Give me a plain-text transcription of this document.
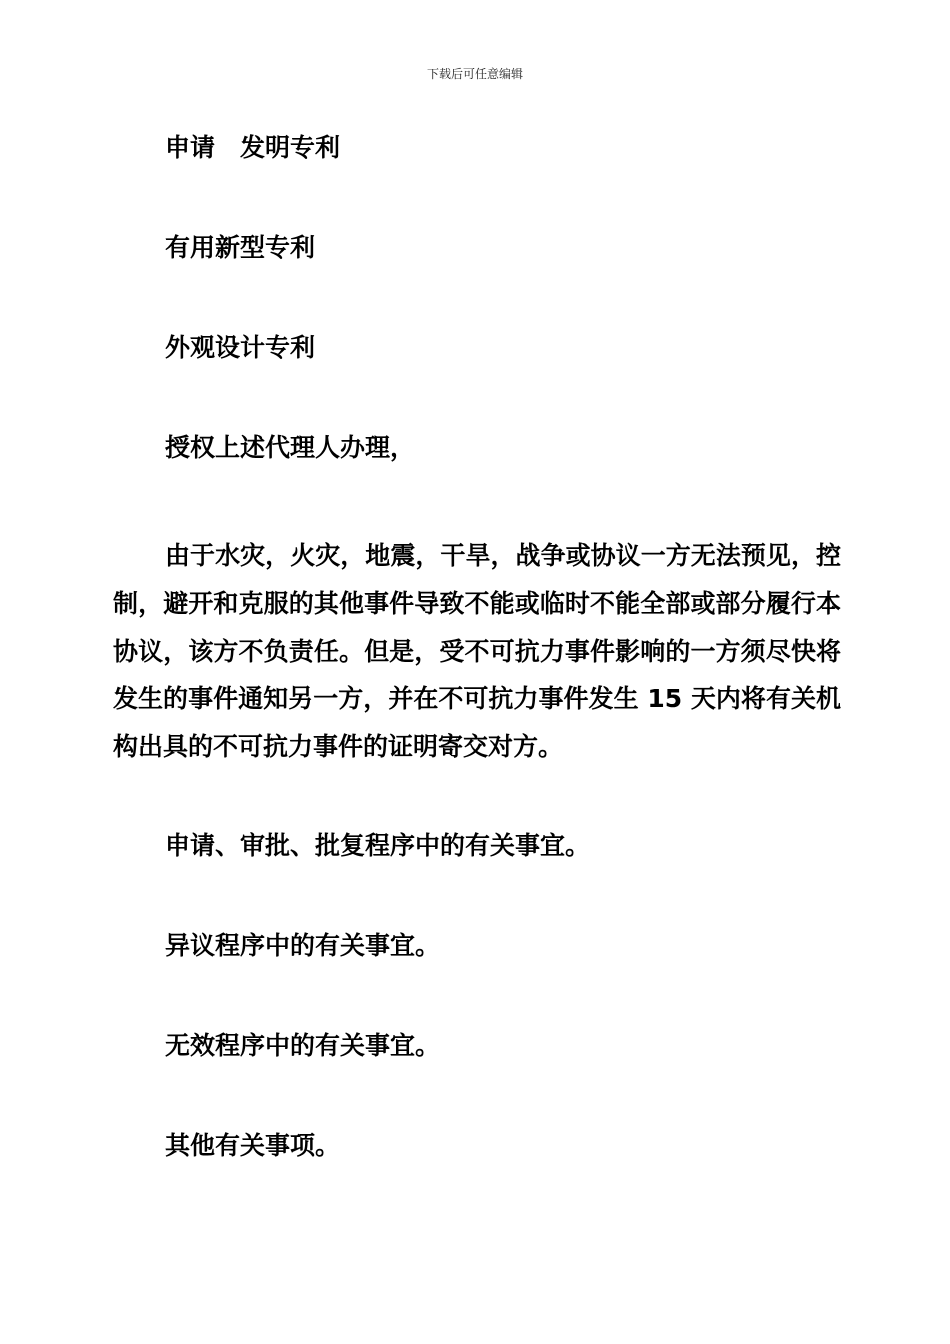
下载后可任意编辑
申请　发明专利
有用新型专利
外观设计专利
授权上述代理人办理，

由于水灾，火灾，地震，干旱，战争或协议一方无法预见，控制，避开和克服的其他事件导致不能或临时不能全部或部分履行本协议，该方不负责任。但是，受不可抗力事件影响的一方须尽快将发生的事件通知另一方，并在不可抗力事件发生 15 天内将有关机构出具的不可抗力事件的证明寄交对方。

申请、审批、批复程序中的有关事宜。
异议程序中的有关事宜。
无效程序中的有关事宜。
其他有关事项。
